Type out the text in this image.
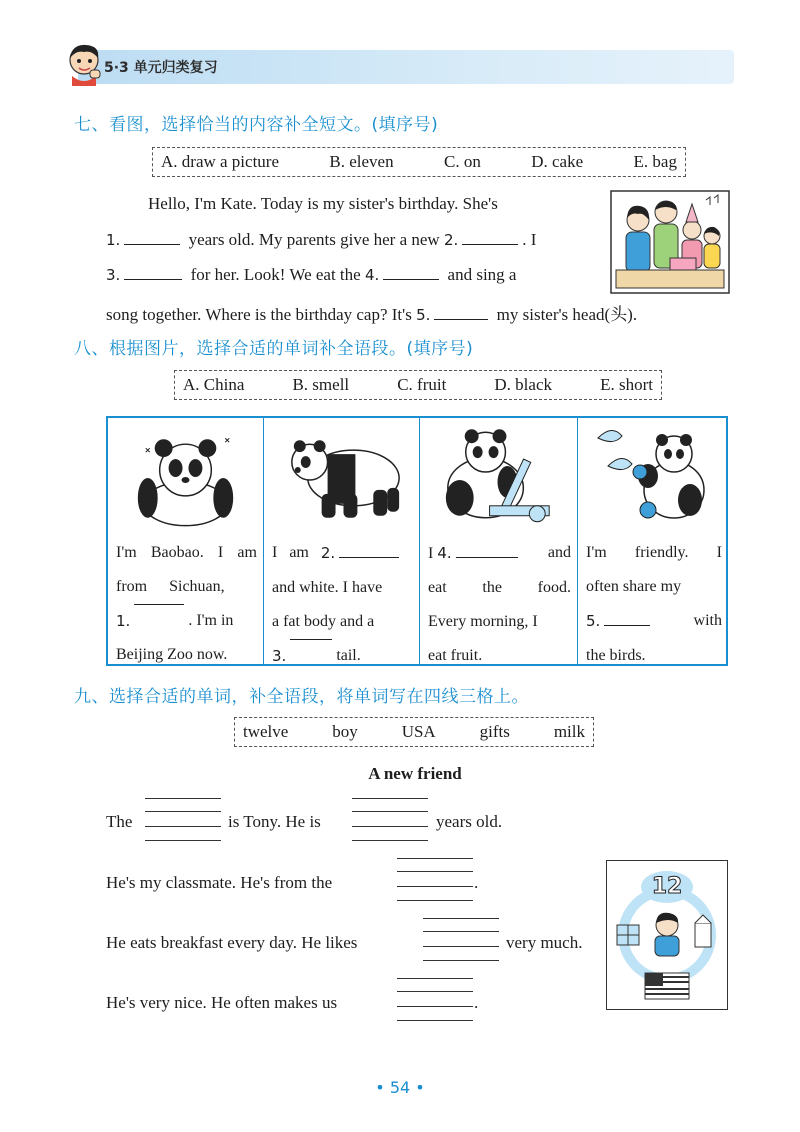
5·3 单元归类复习
七、看图，选择恰当的内容补全短文。(填序号)
A. draw a picture	B. eleven	C. on	D. cake	E. bag
Hello, I'm Kate. Today is my sister's birthday. She's
1.	years old. My parents give her a new 2.	. I
3.	for her. Look! We eat the 4.	and sing a
song together. Where is the birthday cap? It's 5.	my sister's head(头).
八、根据图片，选择合适的单词补全语段。(填序号)
A. China	B. smell	C. fruit	D. black	E. short
I'm Baobao. I am
from Sichuan,
1.	. I'm in
Beijing Zoo now.
I am 2.
and white. I have
a fat body and a
3.	tail.
I 4.	and
eat the food.
Every morning, I
eat fruit.
I'm friendly. I
often share my
5.	with
the birds.
九、选择合适的单词，补全语段，将单词写在四线三格上。
twelve	boy	USA	gifts	milk
A new friend
The	is Tony. He is	years old.
He's my classmate. He's from the	.
He eats breakfast every day. He likes	very much.
He's very nice. He often makes us	.
12
• 54 •
